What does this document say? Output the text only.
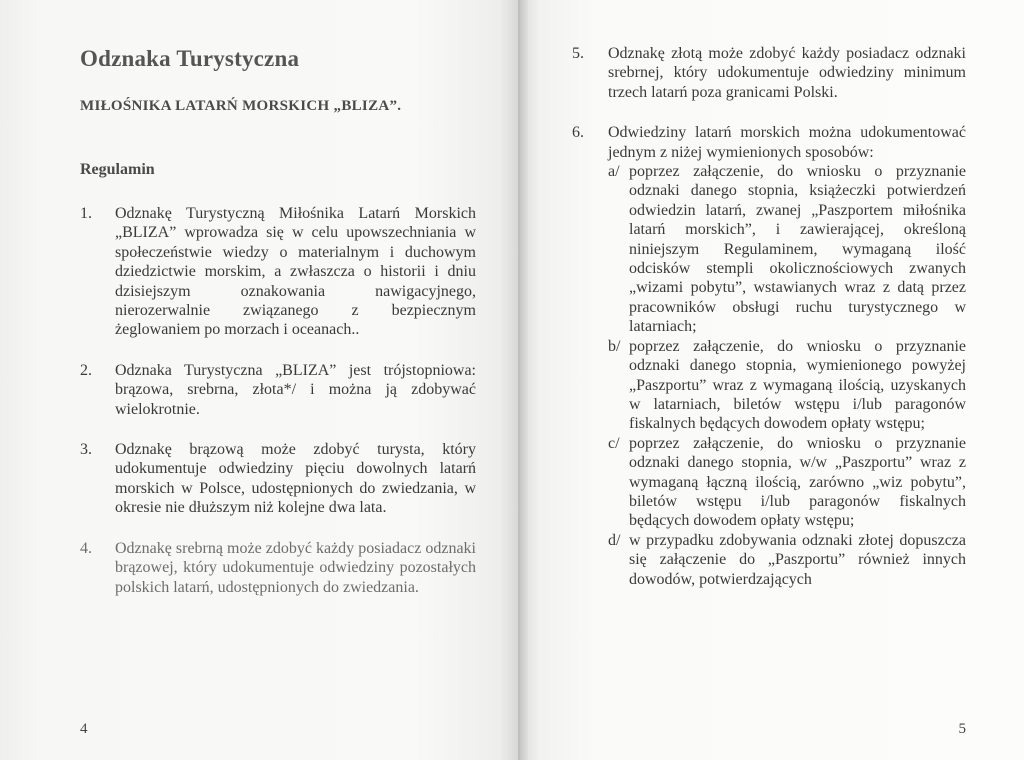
Odznaka Turystyczna
MIŁOŚNIKA LATARŃ MORSKICH „BLIZA”.
Regulamin
1.	Odznakę Turystyczną Miłośnika Latarń Morskich „BLIZA” wprowadza się w celu upowszechniania w społeczeństwie wiedzy o materialnym i duchowym dziedzictwie morskim, a zwłaszcza o historii i dniu dzisiejszym oznakowania nawigacyjnego, nierozerwalnie związanego z bezpiecznym żeglowaniem po morzach i oceanach..
2.	Odznaka Turystyczna „BLIZA” jest trójstopniowa: brązowa, srebrna, złota*/ i można ją zdobywać wielokrotnie.
3.	Odznakę brązową może zdobyć turysta, który udokumentuje odwiedziny pięciu dowolnych latarń morskich w Polsce, udostępnionych do zwiedzania, w okresie nie dłuższym niż kolejne dwa lata.
4.	Odznakę srebrną może zdobyć każdy posiadacz odznaki brązowej, który udokumentuje odwiedziny pozostałych polskich latarń, udostępnionych do zwiedzania.
4
5.	Odznakę złotą może zdobyć każdy posiadacz odznaki srebrnej, który udokumentuje odwiedziny minimum trzech latarń poza granicami Polski.
6.	Odwiedziny latarń morskich można udokumentować jednym z niżej wymienionych sposobów:
a/ poprzez załączenie, do wniosku o przyznanie odznaki danego stopnia, książeczki potwierdzeń odwiedzin latarń, zwanej „Paszportem miłośnika latarń morskich”, i zawierającej, określoną niniejszym Regulaminem, wymaganą ilość odcisków stempli okolicznościowych zwanych „wizami pobytu”, wstawianych wraz z datą przez pracowników obsługi ruchu turystycznego w latarniach;
b/ poprzez załączenie, do wniosku o przyznanie odznaki danego stopnia, wymienionego powyżej „Paszportu” wraz z wymaganą ilością, uzyskanych w latarniach, biletów wstępu i/lub paragonów fiskalnych będących dowodem opłaty wstępu;
c/ poprzez załączenie, do wniosku o przyznanie odznaki danego stopnia, w/w „Paszportu” wraz z wymaganą łączną ilością, zarówno „wiz pobytu”, biletów wstępu i/lub paragonów fiskalnych będących dowodem opłaty wstępu;
d/ w przypadku zdobywania odznaki złotej dopuszcza się załączenie do „Paszportu” również innych dowodów, potwierdzających
5
